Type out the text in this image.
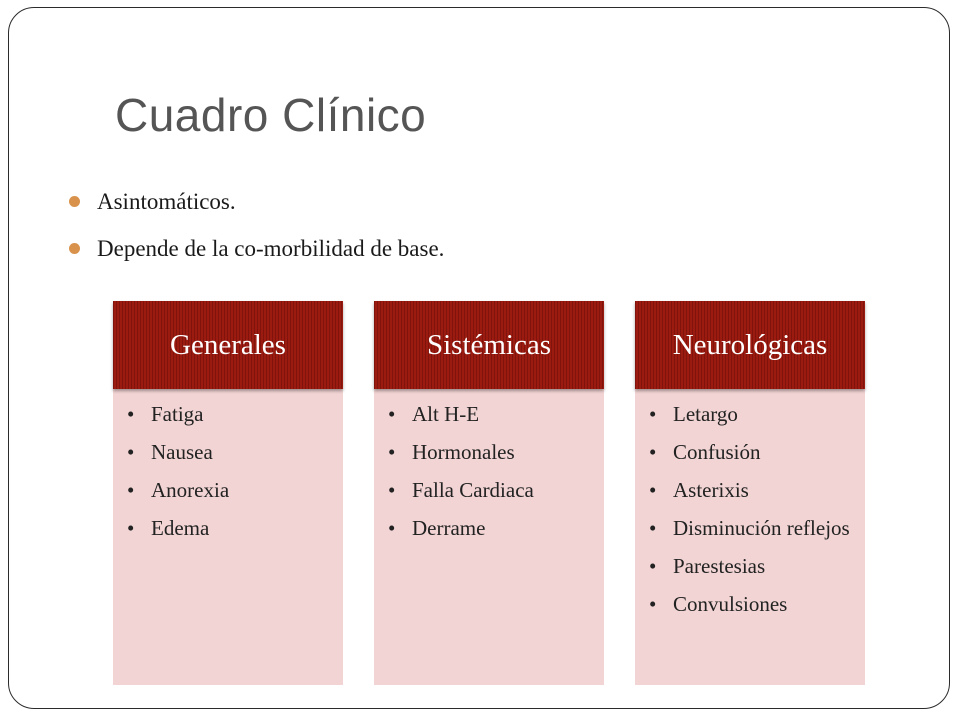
Cuadro Clínico
Asintomáticos.
Depende de la co-morbilidad de base.
Generales
• Fatiga
• Nausea
• Anorexia
• Edema
Sistémicas
• Alt H-E
• Hormonales
• Falla Cardiaca
• Derrame
Neurológicas
• Letargo
• Confusión
• Asterixis
• Disminución reflejos
• Parestesias
• Convulsiones
